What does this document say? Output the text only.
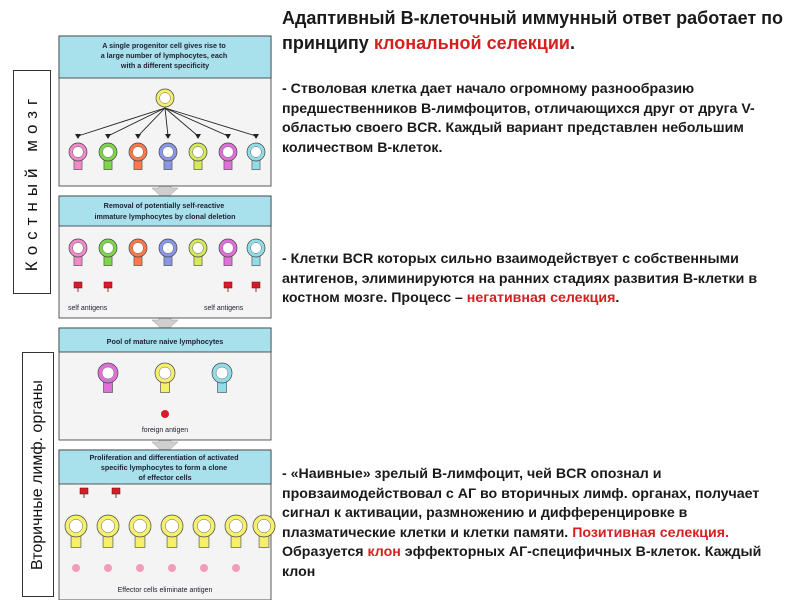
Костный мозг
Вторичные лимф. органы
A single progenitor cell gives rise to a large number of lymphocytes, each with a different specificity
Removal of potentially self-reactive immature lymphocytes by clonal deletion
self antigens	self antigens
Pool of mature naive lymphocytes
foreign antigen
Proliferation and differentiation of activated specific lymphocytes to form a clone of effector cells
Effector cells eliminate antigen
Адаптивный B-клеточный иммунный ответ работает по принципу клональной селекции.

- Стволовая клетка дает начало огромному разнообразию предшественников B-лимфоцитов, отличающихся друг от друга V-областью своего BCR. Каждый вариант представлен небольшим количеством B-клеток.

- Клетки BCR которых сильно взаимодействует с собственными антигенов, элиминируются на ранних стадиях развития B-клетки в костном мозге. Процесс – негативная селекция.
- «Наивные» зрелый B-лимфоцит, чей BCR опознал и провзаимодействовал с АГ во вторичных лимф. органах, получает сигнал к активации, размножению и дифференцировке в плазматические клетки и клетки памяти. Позитивная селекция. Образуется клон эффекторных АГ-специфичных B-клеток. Каждый клон
